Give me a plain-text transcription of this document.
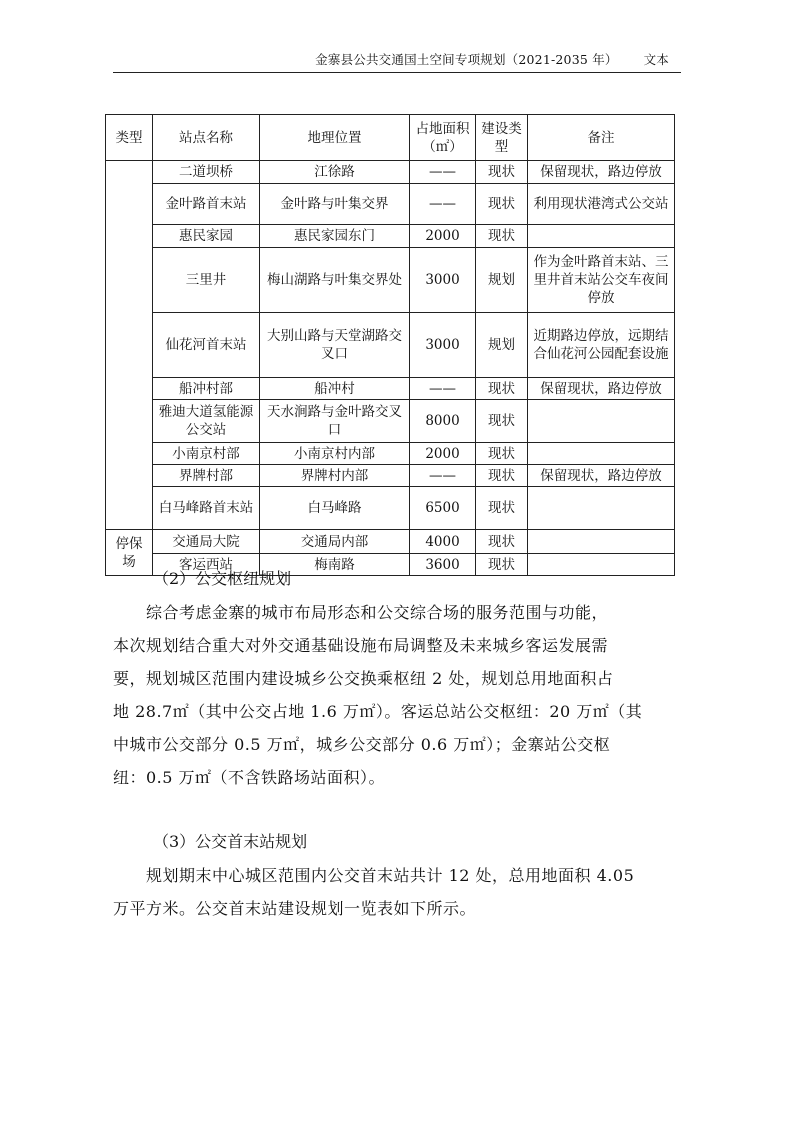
金寨县公共交通国土空间专项规划（2021-2035 年） 文本
类型	站点名称	地理位置	占地面积（㎡）	建设类型	备注
	二道坝桥	江徐路	——	现状	保留现状，路边停放
	金叶路首末站	金叶路与叶集交界	——	现状	利用现状港湾式公交站
	惠民家园	惠民家园东门	2000	现状	
	三里井	梅山湖路与叶集交界处	3000	规划	作为金叶路首末站、三里井首末站公交车夜间停放
	仙花河首末站	大别山路与天堂湖路交叉口	3000	规划	近期路边停放，远期结合仙花河公园配套设施
	船冲村部	船冲村	——	现状	保留现状，路边停放
	雅迪大道氢能源公交站	天水涧路与金叶路交叉口	8000	现状	
	小南京村部	小南京村内部	2000	现状	
	界牌村部	界牌村内部	——	现状	保留现状，路边停放
	白马峰路首末站	白马峰路	6500	现状	
停保场	交通局大院	交通局内部	4000	现状	
	客运西站	梅南路	3600	现状	
（2）公交枢纽规划
综合考虑金寨的城市布局形态和公交综合场的服务范围与功能，
本次规划结合重大对外交通基础设施布局调整及未来城乡客运发展需
要，规划城区范围内建设城乡公交换乘枢纽 2 处，规划总用地面积占
地 28.7㎡（其中公交占地 1.6 万㎡）。客运总站公交枢纽：20 万㎡（其
中城市公交部分 0.5 万㎡，城乡公交部分 0.6 万㎡）；金寨站公交枢
纽：0.5 万㎡（不含铁路场站面积）。
（3）公交首末站规划
规划期末中心城区范围内公交首末站共计 12 处，总用地面积 4.05
万平方米。公交首末站建设规划一览表如下所示。
